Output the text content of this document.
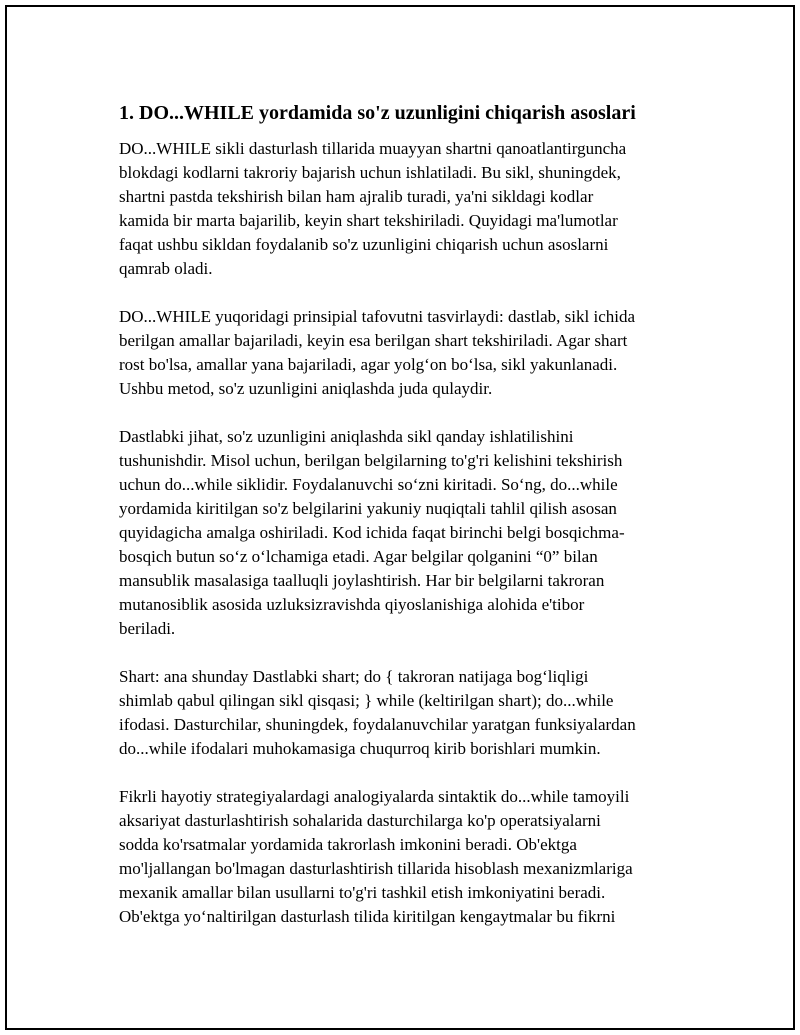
1. DO...WHILE yordamida so'z uzunligini chiqarish asoslari

DO...WHILE sikli dasturlash tillarida muayyan shartni qanoatlantirguncha
blokdagi kodlarni takroriy bajarish uchun ishlatiladi. Bu sikl, shuningdek,
shartni pastda tekshirish bilan ham ajralib turadi, ya'ni sikldagi kodlar
kamida bir marta bajarilib, keyin shart tekshiriladi. Quyidagi ma'lumotlar
faqat ushbu sikldan foydalanib so'z uzunligini chiqarish uchun asoslarni
qamrab oladi.

DO...WHILE yuqoridagi prinsipial tafovutni tasvirlaydi: dastlab, sikl ichida
berilgan amallar bajariladi, keyin esa berilgan shart tekshiriladi. Agar shart
rost bo'lsa, amallar yana bajariladi, agar yolg‘on bo‘lsa, sikl yakunlanadi.
Ushbu metod, so'z uzunligini aniqlashda juda qulaydir.

Dastlabki jihat, so'z uzunligini aniqlashda sikl qanday ishlatilishini
tushunishdir. Misol uchun, berilgan belgilarning to'g'ri kelishini tekshirish
uchun do...while siklidir. Foydalanuvchi so‘zni kiritadi. So‘ng, do...while
yordamida kiritilgan so'z belgilarini yakuniy nuqiqtali tahlil qilish asosan
quyidagicha amalga oshiriladi. Kod ichida faqat birinchi belgi bosqichma-
bosqich butun so‘z o‘lchamiga etadi. Agar belgilar qolganini “0” bilan
mansublik masalasiga taalluqli joylashtirish. Har bir belgilarni takroran
mutanosiblik asosida uzluksizravishda qiyoslanishiga alohida e'tibor
beriladi.

Shart: ana shunday Dastlabki shart; do { takroran natijaga bog‘liqligi
shimlab qabul qilingan sikl qisqasi; } while (keltirilgan shart); do...while
ifodasi. Dasturchilar, shuningdek, foydalanuvchilar yaratgan funksiyalardan
do...while ifodalari muhokamasiga chuqurroq kirib borishlari mumkin.

Fikrli hayotiy strategiyalardagi analogiyalarda sintaktik do...while tamoyili
aksariyat dasturlashtirish sohalarida dasturchilarga ko'p operatsiyalarni
sodda ko'rsatmalar yordamida takrorlash imkonini beradi. Ob'ektga
mo'ljallangan bo'lmagan dasturlashtirish tillarida hisoblash mexanizmlariga
mexanik amallar bilan usullarni to'g'ri tashkil etish imkoniyatini beradi.
Ob'ektga yo‘naltirilgan dasturlash tilida kiritilgan kengaytmalar bu fikrni
